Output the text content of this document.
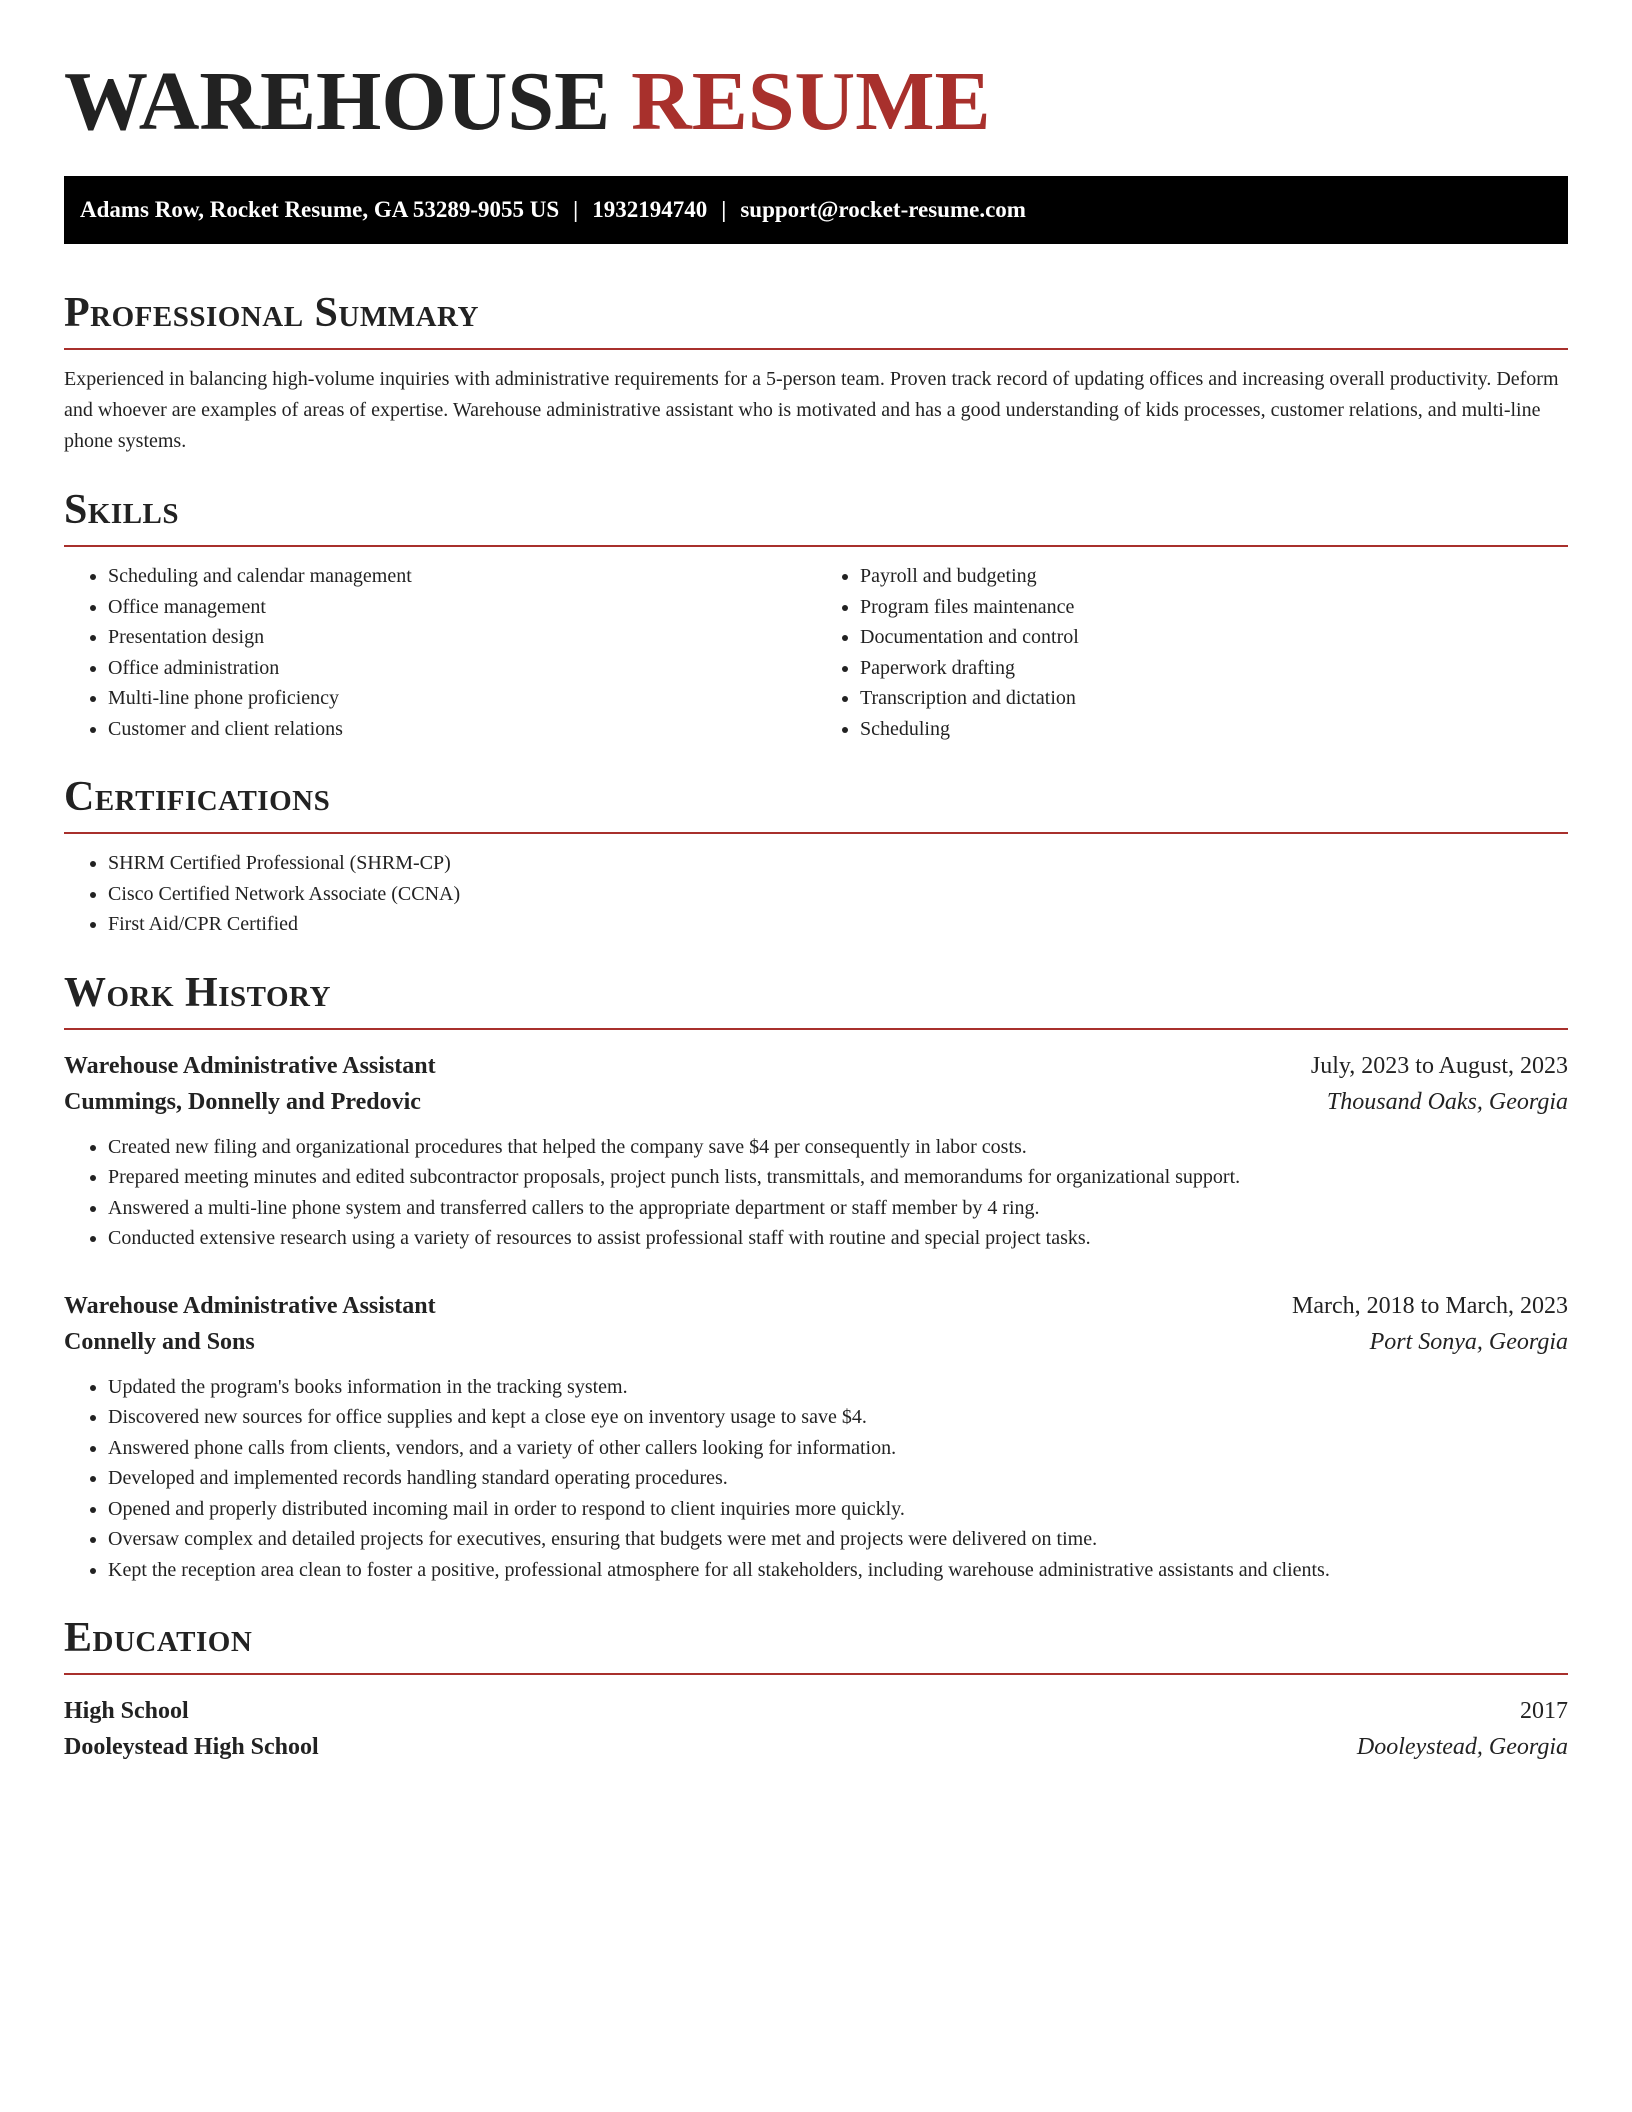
WAREHOUSE RESUME
Adams Row, Rocket Resume, GA 53289-9055 US | 1932194740 | support@rocket-resume.com
Professional Summary

Experienced in balancing high-volume inquiries with administrative requirements for a 5-person team. Proven track record of updating offices and increasing overall productivity. Deform and whoever are examples of areas of expertise. Warehouse administrative assistant who is motivated and has a good understanding of kids processes, customer relations, and multi-line phone systems.

Skills
• Scheduling and calendar management
• Office management
• Presentation design
• Office administration
• Multi-line phone proficiency
• Customer and client relations
• Payroll and budgeting
• Program files maintenance
• Documentation and control
• Paperwork drafting
• Transcription and dictation
• Scheduling
Certifications
• SHRM Certified Professional (SHRM-CP)
• Cisco Certified Network Associate (CCNA)
• First Aid/CPR Certified
Work History
Warehouse Administrative Assistant	July, 2023 to August, 2023
Cummings, Donnelly and Predovic	Thousand Oaks, Georgia
• Created new filing and organizational procedures that helped the company save $4 per consequently in labor costs.
• Prepared meeting minutes and edited subcontractor proposals, project punch lists, transmittals, and memorandums for organizational support.
• Answered a multi-line phone system and transferred callers to the appropriate department or staff member by 4 ring.
• Conducted extensive research using a variety of resources to assist professional staff with routine and special project tasks.
Warehouse Administrative Assistant	March, 2018 to March, 2023
Connelly and Sons	Port Sonya, Georgia
• Updated the program's books information in the tracking system.
• Discovered new sources for office supplies and kept a close eye on inventory usage to save $4.
• Answered phone calls from clients, vendors, and a variety of other callers looking for information.
• Developed and implemented records handling standard operating procedures.
• Opened and properly distributed incoming mail in order to respond to client inquiries more quickly.
• Oversaw complex and detailed projects for executives, ensuring that budgets were met and projects were delivered on time.
• Kept the reception area clean to foster a positive, professional atmosphere for all stakeholders, including warehouse administrative assistants and clients.
Education
High School	2017
Dooleystead High School	Dooleystead, Georgia
